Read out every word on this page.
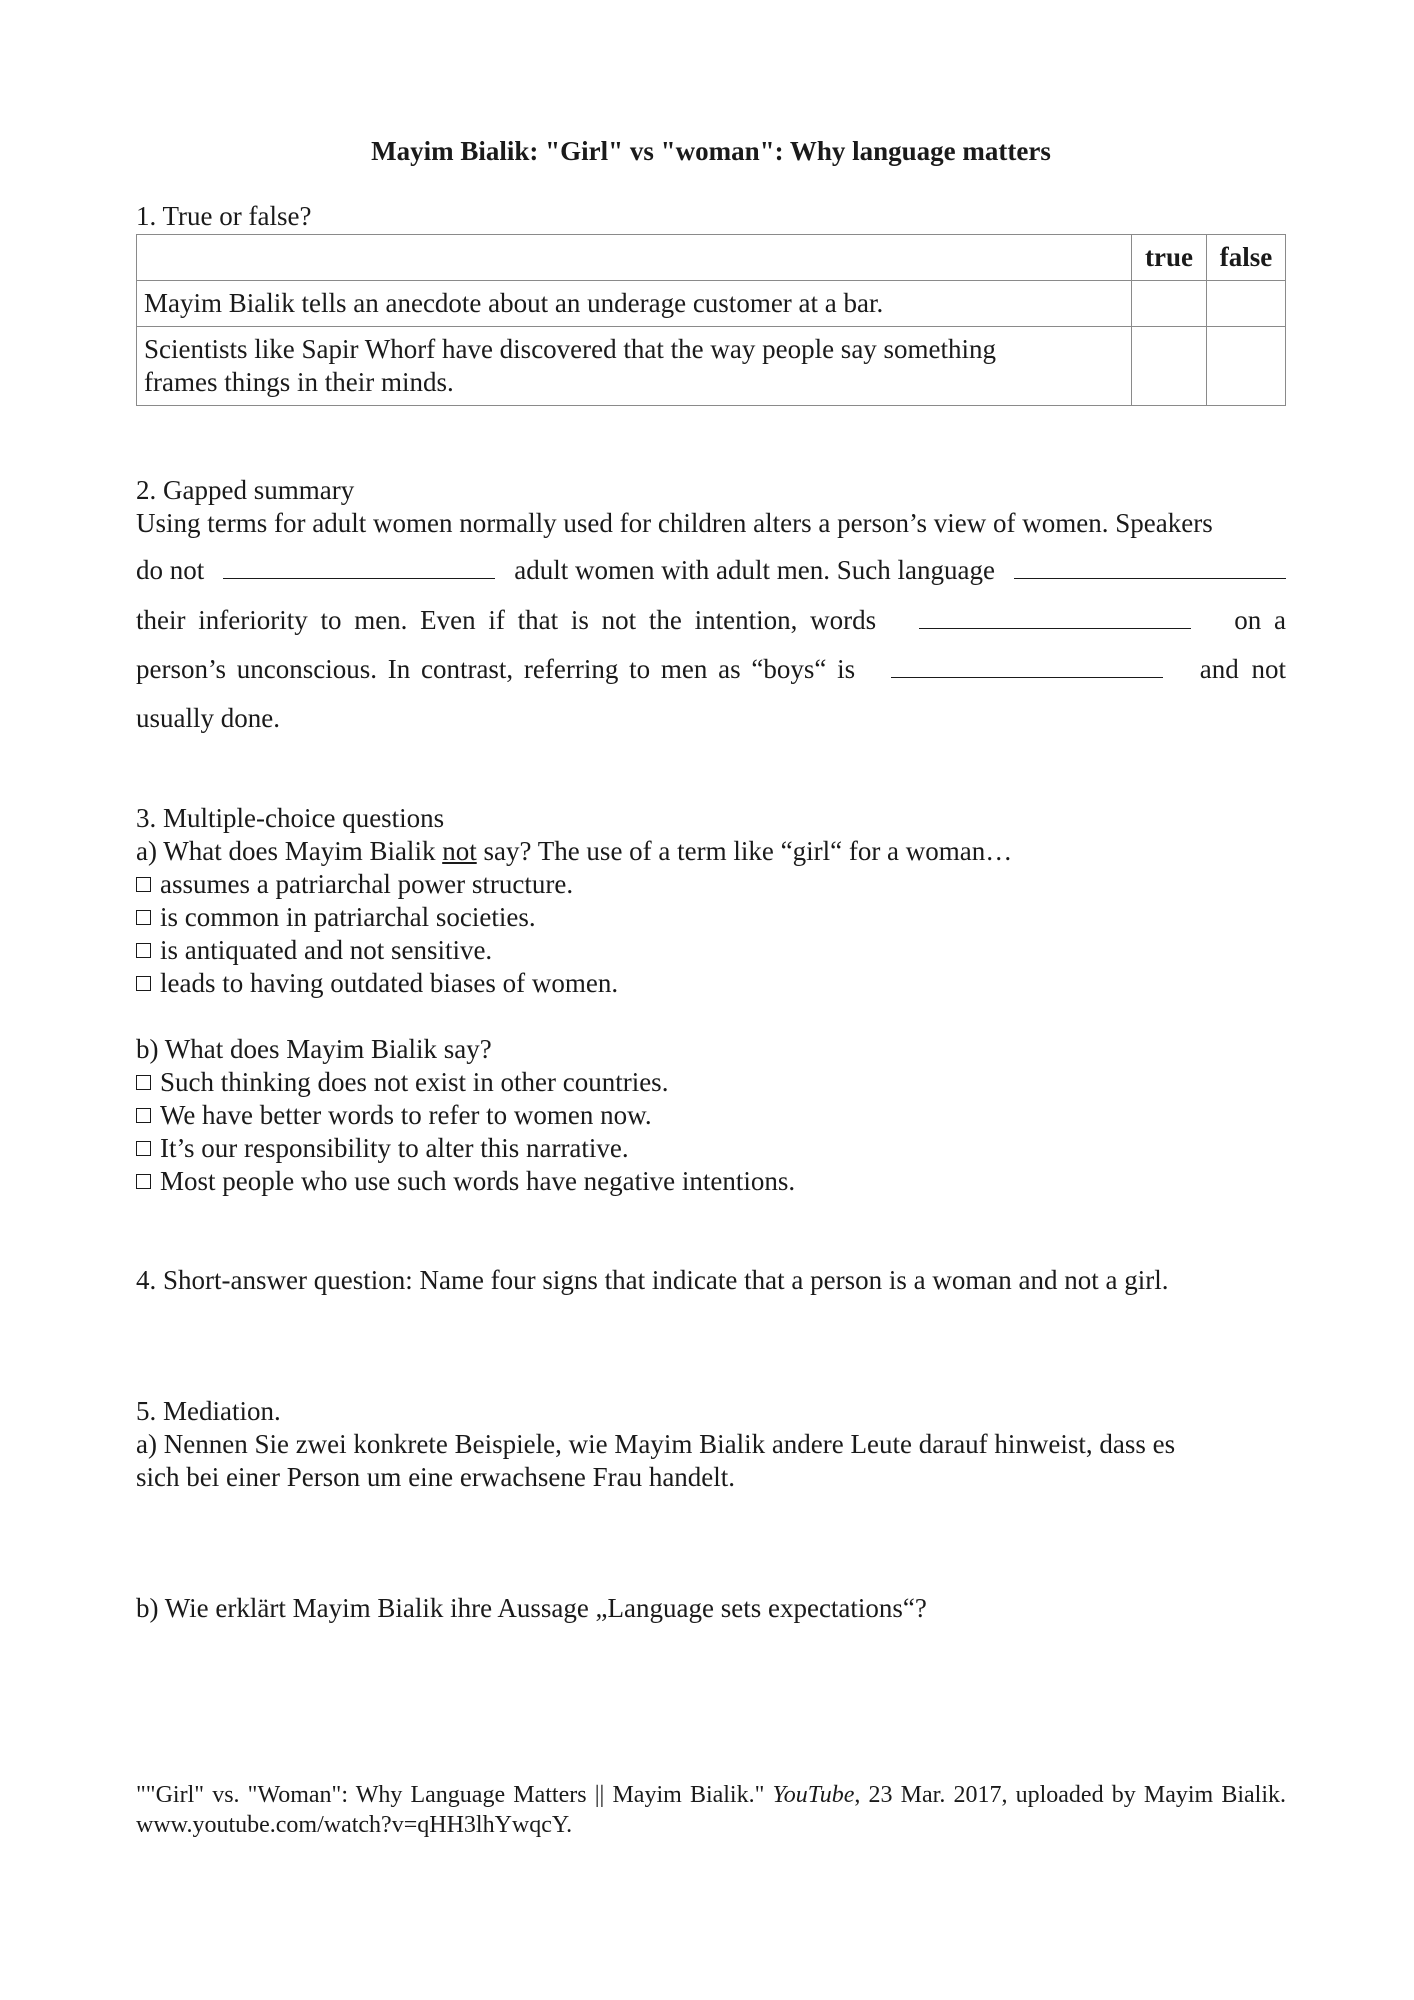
Mayim Bialik: "Girl" vs "woman": Why language matters
1. True or false?
	true	false
Mayim Bialik tells an anecdote about an underage customer at a bar.		
Scientists like Sapir Whorf have discovered that the way people say something
frames things in their minds.		
2. Gapped summary
Using terms for adult women normally used for children alters a person’s view of women. Speakers
do not	adult women with adult men. Such language
their inferiority to men. Even if that is not the intention, words	on a
person’s unconscious. In contrast, referring to men as “boys“ is	and not
usually done.
3. Multiple-choice questions
a) What does Mayim Bialik not say? The use of a term like “girl“ for a woman…
assumes a patriarchal power structure.
is common in patriarchal societies.
is antiquated and not sensitive.
leads to having outdated biases of women.
b) What does Mayim Bialik say?
Such thinking does not exist in other countries.
We have better words to refer to women now.
It’s our responsibility to alter this narrative.
Most people who use such words have negative intentions.
4. Short-answer question: Name four signs that indicate that a person is a woman and not a girl.
5. Mediation.
a) Nennen Sie zwei konkrete Beispiele, wie Mayim Bialik andere Leute darauf hinweist, dass es
sich bei einer Person um eine erwachsene Frau handelt.
b) Wie erklärt Mayim Bialik ihre Aussage „Language sets expectations“?
""Girl" vs. "Woman": Why Language Matters || Mayim Bialik." YouTube, 23 Mar. 2017, uploaded by Mayim Bialik. www.youtube.com/watch?v=qHH3lhYwqcY.
